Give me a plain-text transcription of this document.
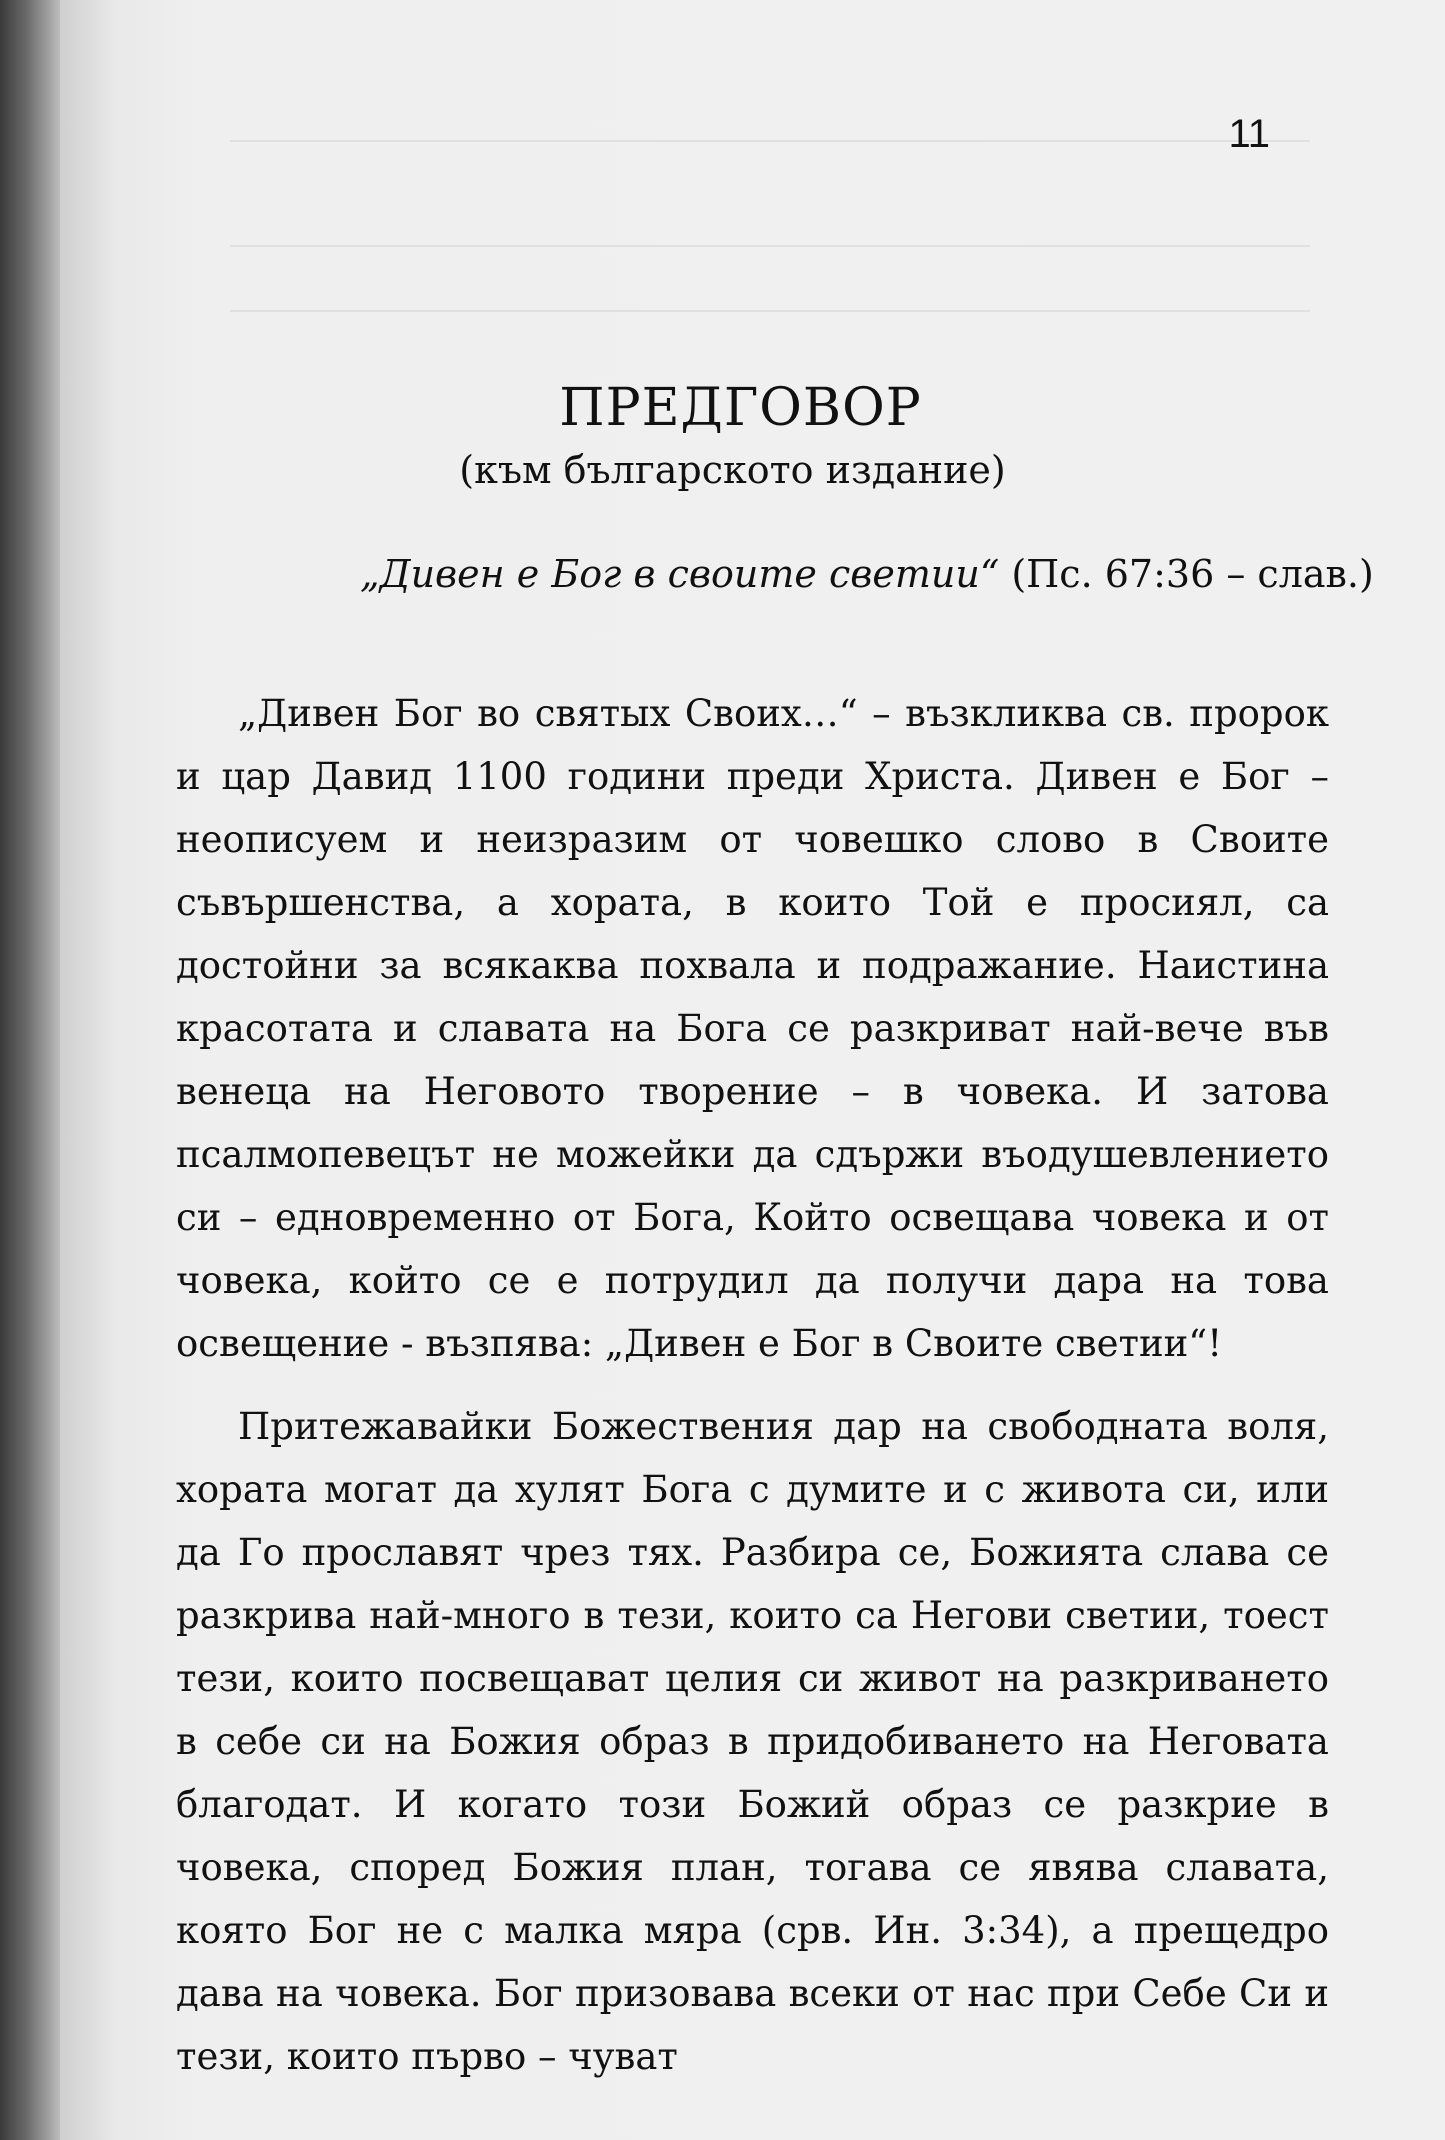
11
ПРЕДГОВОР
(към българското издание)
„Дивен е Бог в своите светии“ (Пс. 67:36 – слав.)

„Дивен Бог во святых Своих…“ – възкликва св. пророк и цар Давид 1100 години преди Христа. Дивен е Бог – неописуем и неизразим от човешко слово в Своите съвършенства, а хората, в които Той е просиял, са достойни за всякаква похвала и подражание. Наистина красотата и славата на Бога се разкриват най-вече във венеца на Неговото творение – в човека. И затова псалмопевецът не можейки да сдържи въодушевлението си – едновременно от Бога, Който освещава човека и от човека, който се е потрудил да получи дара на това освещение - възпява: „Дивен е Бог в Своите светии“!

Притежавайки Божествения дар на свободната воля, хората могат да хулят Бога с думите и с живота си, или да Го прославят чрез тях. Разбира се, Божията слава се разкрива най-много в тези, които са Негови светии, тоест тези, които посвещават целия си живот на разкриването в себе си на Божия образ в придобиването на Неговата благодат. И когато този Божий образ се разкрие в човека, според Божия план, тогава се явява славата, която Бог не с малка мяра (срв. Ин. 3:34), а прещедро дава на човека. Бог призовава всеки от нас при Себе Си и тези, които първо – чуват
